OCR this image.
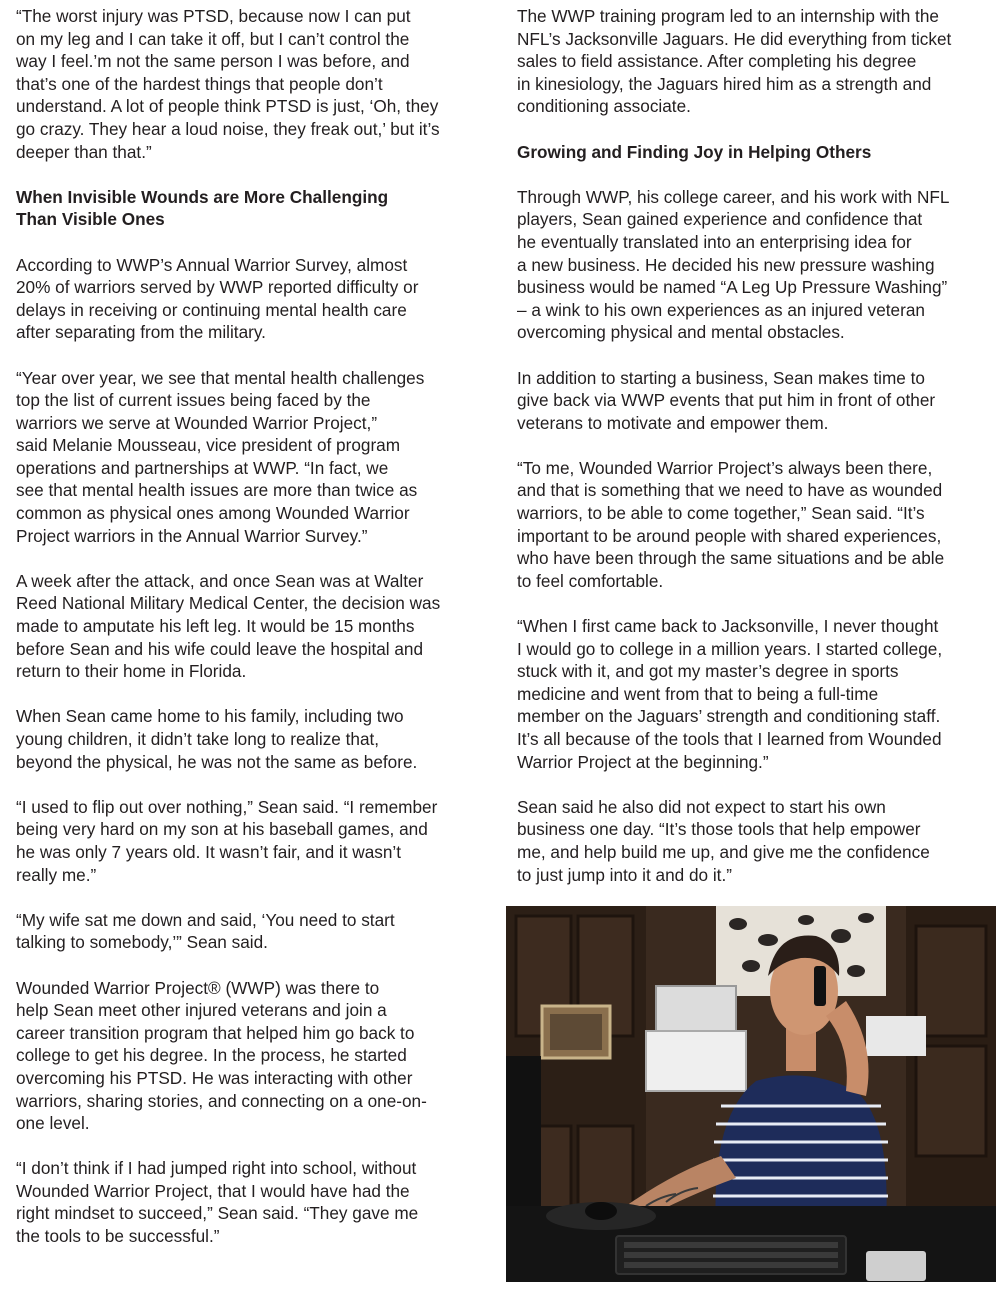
“The worst injury was PTSD, because now I can put
on my leg and I can take it off, but I can’t control the
way I feel.’m not the same person I was before, and
that’s one of the hardest things that people don’t
understand. A lot of people think PTSD is just, ‘Oh, they
go crazy. They hear a loud noise, they freak out,’ but it’s
deeper than that.”

When Invisible Wounds are More Challenging
Than Visible Ones

According to WWP’s Annual Warrior Survey, almost
20% of warriors served by WWP reported difficulty or
delays in receiving or continuing mental health care
after separating from the military.

“Year over year, we see that mental health challenges
top the list of current issues being faced by the
warriors we serve at Wounded Warrior Project,”
said Melanie Mousseau, vice president of program
operations and partnerships at WWP. “In fact, we
see that mental health issues are more than twice as
common as physical ones among Wounded Warrior
Project warriors in the Annual Warrior Survey.”

A week after the attack, and once Sean was at Walter
Reed National Military Medical Center, the decision was
made to amputate his left leg. It would be 15 months
before Sean and his wife could leave the hospital and
return to their home in Florida.

When Sean came home to his family, including two
young children, it didn’t take long to realize that,
beyond the physical, he was not the same as before.

“I used to flip out over nothing,” Sean said. “I remember
being very hard on my son at his baseball games, and
he was only 7 years old. It wasn’t fair, and it wasn’t
really me.”

“My wife sat me down and said, ‘You need to start
talking to somebody,’” Sean said.

Wounded Warrior Project® (WWP) was there to
help Sean meet other injured veterans and join a
career transition program that helped him go back to
college to get his degree. In the process, he started
overcoming his PTSD. He was interacting with other
warriors, sharing stories, and connecting on a one-on-
one level.

“I don’t think if I had jumped right into school, without
Wounded Warrior Project, that I would have had the
right mindset to succeed,” Sean said. “They gave me
the tools to be successful.”

The WWP training program led to an internship with the
NFL’s Jacksonville Jaguars. He did everything from ticket
sales to field assistance. After completing his degree
in kinesiology, the Jaguars hired him as a strength and
conditioning associate.

Growing and Finding Joy in Helping Others

Through WWP, his college career, and his work with NFL
players, Sean gained experience and confidence that
he eventually translated into an enterprising idea for
a new business. He decided his new pressure washing
business would be named “A Leg Up Pressure Washing”
– a wink to his own experiences as an injured veteran
overcoming physical and mental obstacles.

In addition to starting a business, Sean makes time to
give back via WWP events that put him in front of other
veterans to motivate and empower them.

“To me, Wounded Warrior Project’s always been there,
and that is something that we need to have as wounded
warriors, to be able to come together,” Sean said. “It’s
important to be around people with shared experiences,
who have been through the same situations and be able
to feel comfortable.

“When I first came back to Jacksonville, I never thought
I would go to college in a million years. I started college,
stuck with it, and got my master’s degree in sports
medicine and went from that to being a full-time
member on the Jaguars’ strength and conditioning staff.
It’s all because of the tools that I learned from Wounded
Warrior Project at the beginning.”

Sean said he also did not expect to start his own
business one day. “It’s those tools that help empower
me, and help build me up, and give me the confidence
to just jump into it and do it.”
